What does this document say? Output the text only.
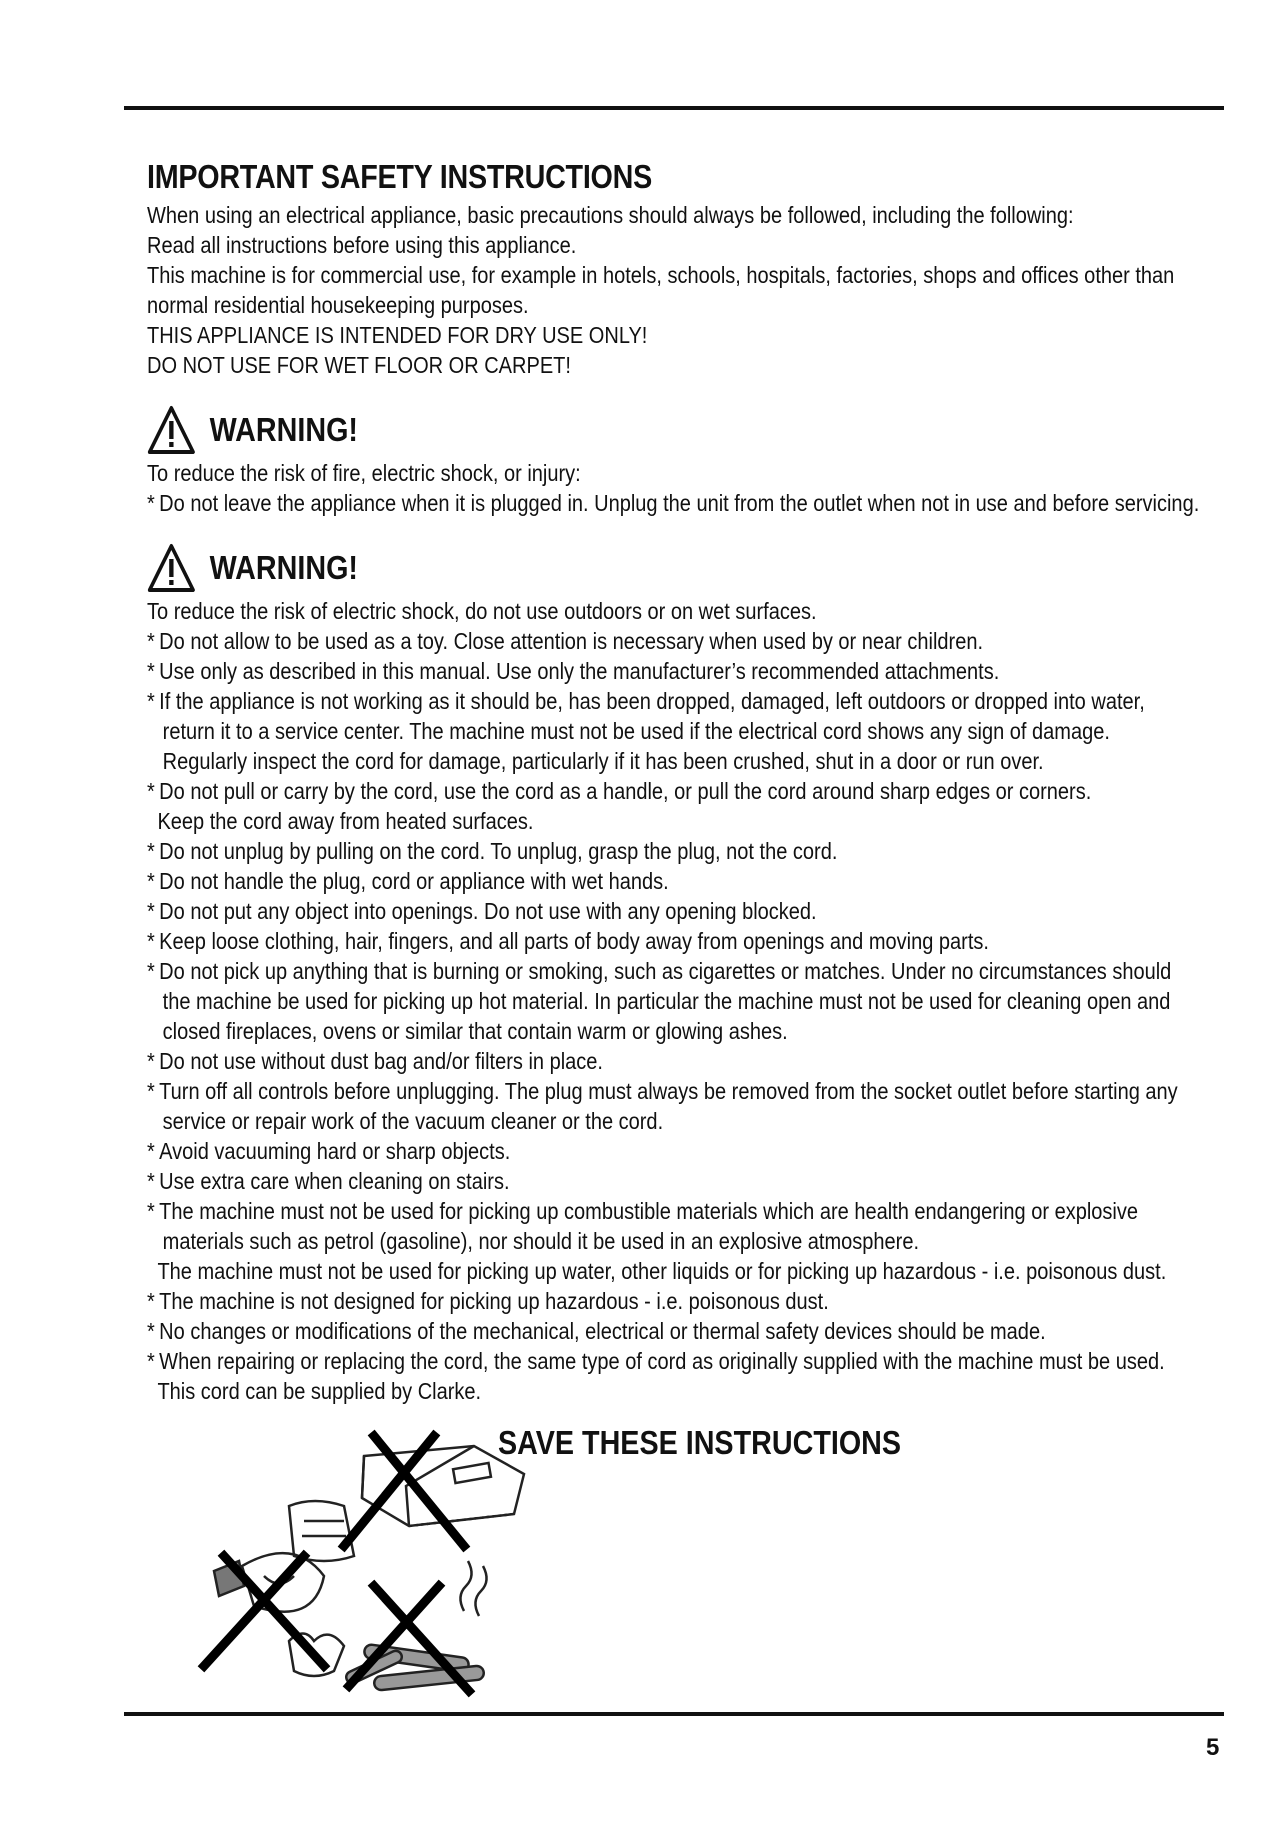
IMPORTANT SAFETY INSTRUCTIONS
When using an electrical appliance, basic precautions should always be followed, including the following:
Read all instructions before using this appliance.
This machine is for commercial use, for example in hotels, schools, hospitals, factories, shops and offices other than
normal residential housekeeping purposes.
THIS APPLIANCE IS INTENDED FOR DRY USE ONLY!
DO NOT USE FOR WET FLOOR OR CARPET!
WARNING!
To reduce the risk of fire, electric shock, or injury:
* Do not leave the appliance when it is plugged in. Unplug the unit from the outlet when not in use and before servicing.
WARNING!
To reduce the risk of electric shock, do not use outdoors or on wet surfaces.
* Do not allow to be used as a toy. Close attention is necessary when used by or near children.
* Use only as described in this manual. Use only the manufacturer’s recommended attachments.
* If the appliance is not working as it should be, has been dropped, damaged, left outdoors or dropped into water,
return it to a service center. The machine must not be used if the electrical cord shows any sign of damage.
Regularly inspect the cord for damage, particularly if it has been crushed, shut in a door or run over.
* Do not pull or carry by the cord, use the cord as a handle, or pull the cord around sharp edges or corners.
Keep the cord away from heated surfaces.
* Do not unplug by pulling on the cord. To unplug, grasp the plug, not the cord.
* Do not handle the plug, cord or appliance with wet hands.
* Do not put any object into openings. Do not use with any opening blocked.
* Keep loose clothing, hair, fingers, and all parts of body away from openings and moving parts.
* Do not pick up anything that is burning or smoking, such as cigarettes or matches. Under no circumstances should
the machine be used for picking up hot material. In particular the machine must not be used for cleaning open and
closed fireplaces, ovens or similar that contain warm or glowing ashes.
* Do not use without dust bag and/or filters in place.
* Turn off all controls before unplugging. The plug must always be removed from the socket outlet before starting any
service or repair work of the vacuum cleaner or the cord.
* Avoid vacuuming hard or sharp objects.
* Use extra care when cleaning on stairs.
* The machine must not be used for picking up combustible materials which are health endangering or explosive
materials such as petrol (gasoline), nor should it be used in an explosive atmosphere.
The machine must not be used for picking up water, other liquids or for picking up hazardous - i.e. poisonous dust.
* The machine is not designed for picking up hazardous - i.e. poisonous dust.
* No changes or modifications of the mechanical, electrical or thermal safety devices should be made.
* When repairing or replacing the cord, the same type of cord as originally supplied with the machine must be used.
This cord can be supplied by Clarke.
SAVE THESE INSTRUCTIONS
5
